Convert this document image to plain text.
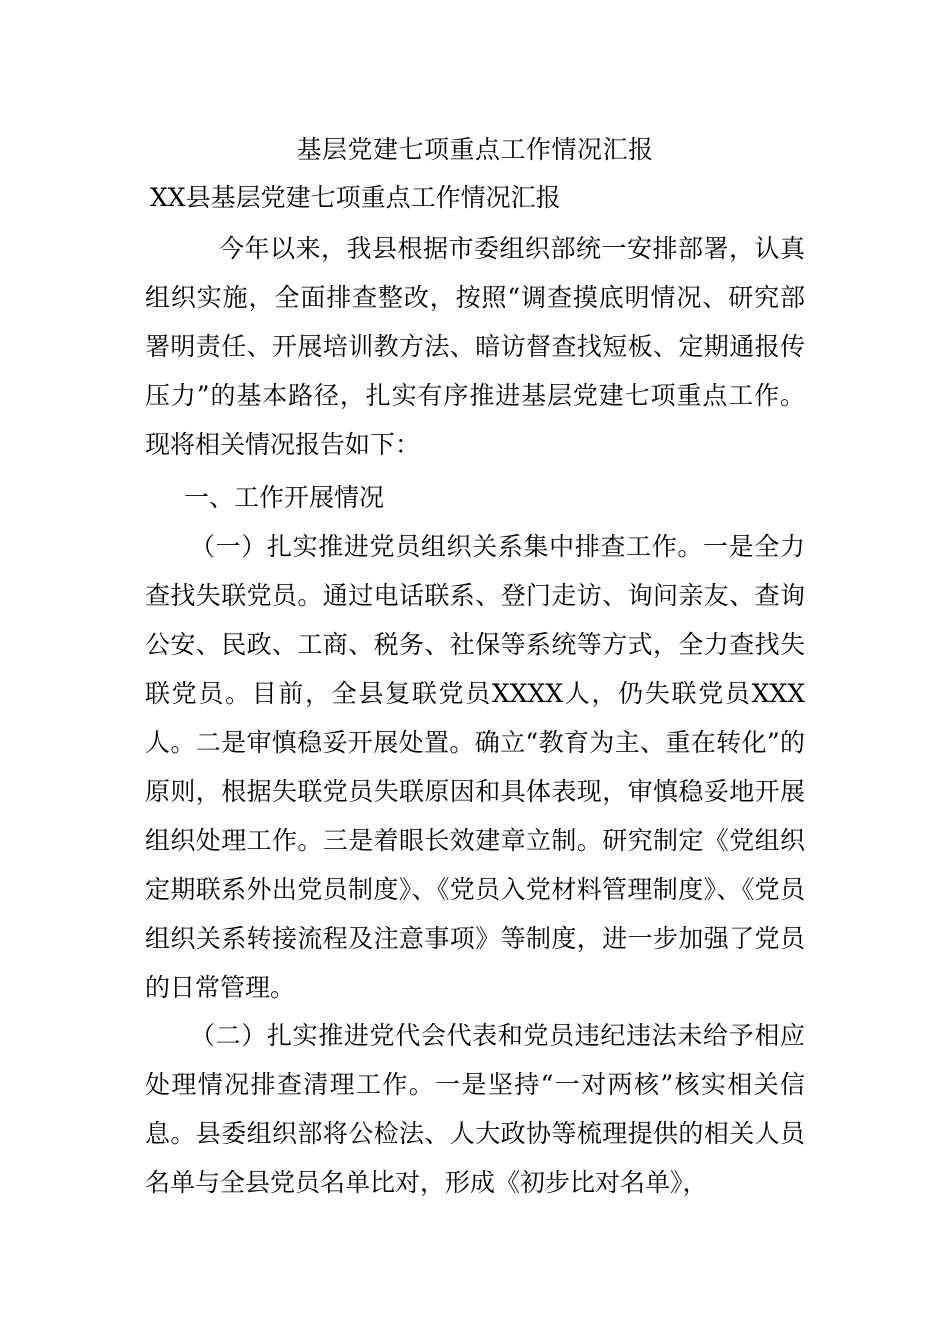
基层党建七项重点工作情况汇报
XX县基层党建七项重点工作情况汇报
今年以来，我县根据市委组织部统一安排部署，认真组织实施，全面排查整改，按照“调查摸底明情况、研究部署明责任、开展培训教方法、暗访督查找短板、定期通报传压力”的基本路径，扎实有序推进基层党建七项重点工作。现将相关情况报告如下：
一、工作开展情况
（一）扎实推进党员组织关系集中排查工作。一是全力查找失联党员。通过电话联系、登门走访、询问亲友、查询公安、民政、工商、税务、社保等系统等方式，全力查找失联党员。目前，全县复联党员XXXX人，仍失联党员XXX人。二是审慎稳妥开展处置。确立“教育为主、重在转化”的原则，根据失联党员失联原因和具体表现，审慎稳妥地开展组织处理工作。三是着眼长效建章立制。研究制定《党组织定期联系外出党员制度》、《党员入党材料管理制度》、《党员组织关系转接流程及注意事项》等制度，进一步加强了党员的日常管理。
（二）扎实推进党代会代表和党员违纪违法未给予相应处理情况排查清理工作。一是坚持“一对两核”核实相关信息。县委组织部将公检法、人大政协等梳理提供的相关人员名单与全县党员名单比对，形成《初步比对名单》，
